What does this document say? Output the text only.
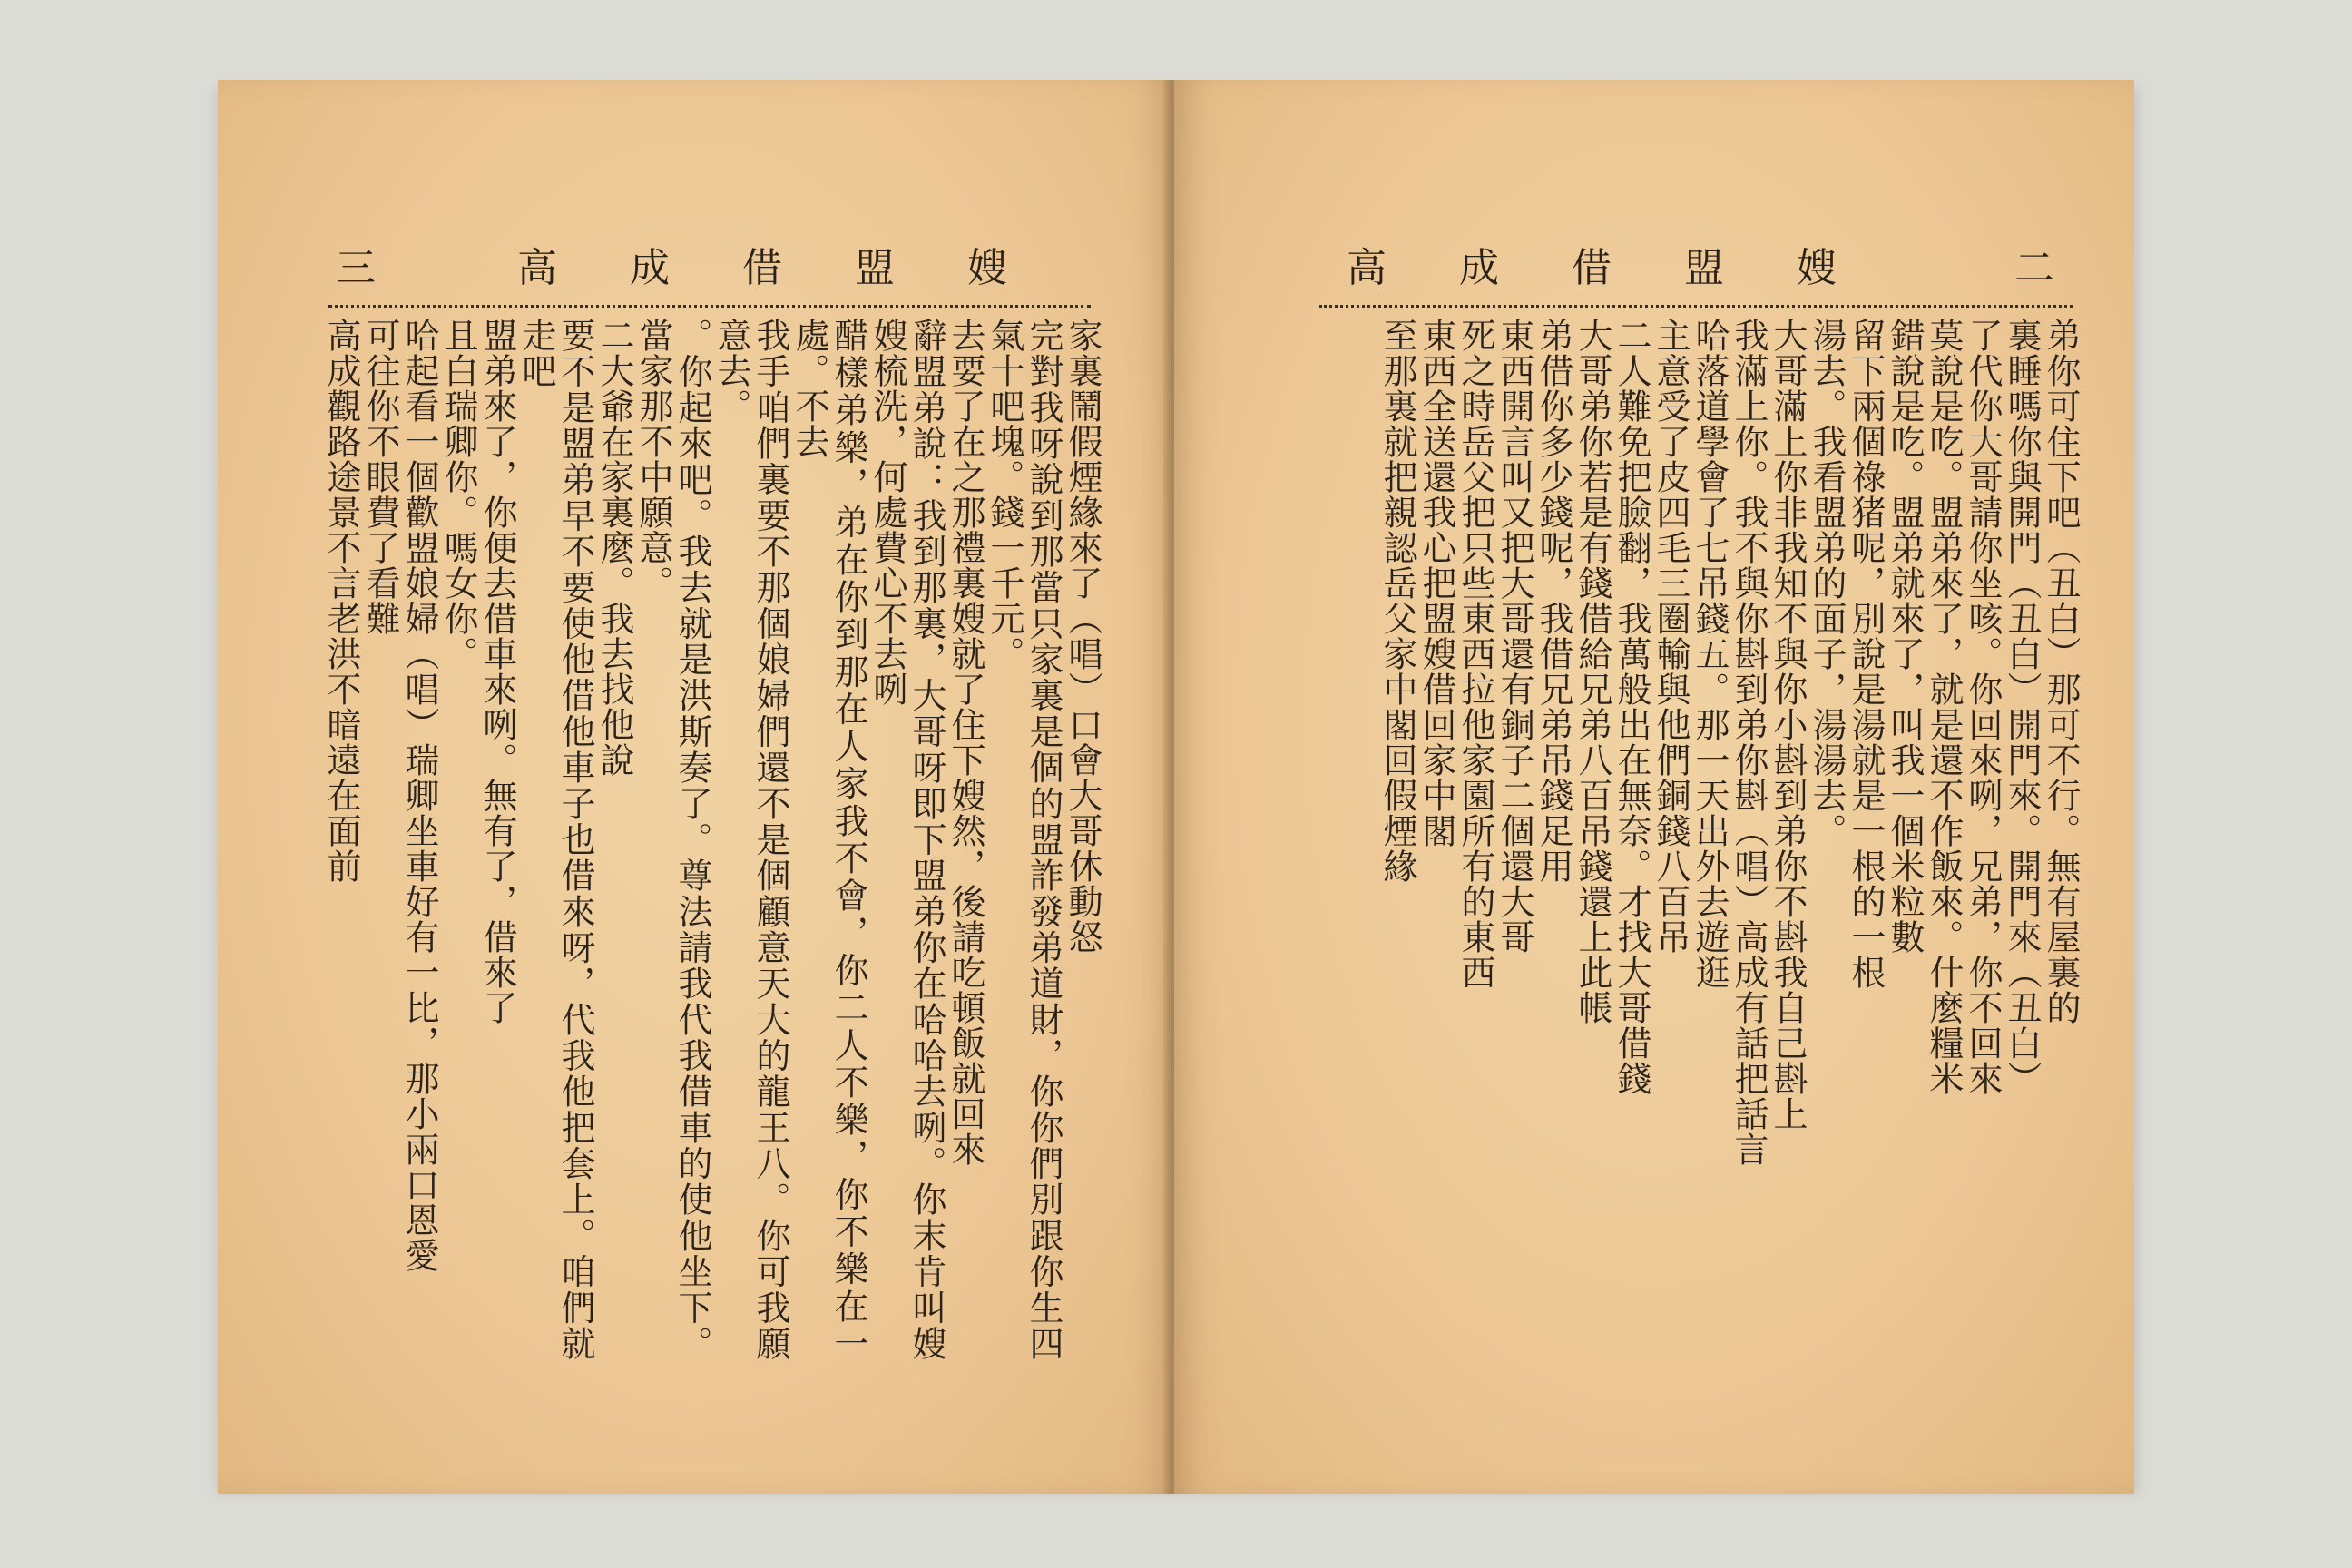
三	高成借盟嫂

家裏鬧假煙緣來了（唱）口會大哥休動怒

完對我呀說到那當只家裏是個的盟詐發弟道財，你你們別跟你生四氣十吧塊。錢一千元。

去要了在之那禮裏嫂就了住下嫂然，後請吃頓飯就回來

辭盟弟說：我到那裏，大哥呀即下盟弟你在哈哈去咧。你末肯叫嫂嫂梳洗，何處費心不去咧

醋樣弟樂，弟在你到那在人家我不會，你二人不樂，你不樂在一處。不去

我手咱們裏要不那個娘婦們還不是個顧意天大的龍王八。你可我願意去。

。你起來吧。我去就是洪斯奏了。尊法請我代我借車的使他坐下。當家那不中願意。

二大爺在家裏麼。我去找他說

要不是盟弟早不要使他借他車子也借來呀，代我他把套上。咱們就走吧

盟弟來了，你便去借車來咧。無有了，借來了

且白瑞卿你。嗎女你。

哈起看一個歡盟娘婦（唱）瑞卿坐車好有一比，那小兩口恩愛

可往你不眼費了看難

高成觀路途景不言老洪不暗遠在面前

高成借盟嫂	二

弟你可住下吧（丑白）那可不行。無有屋裏的

裏睡嗎你與開門（丑白）開門來。開門來（丑白）

了代你大哥請你坐咳。你回來咧，兄弟，你不回來

莫說是吃。盟弟來了，就是還不作飯來。什麼糧米

錯說是吃。盟弟就來了，叫我一個米粒數

留下兩個祿猪呢，別說是湯就是一根的一根

湯去。我看盟弟的面子，湯湯去。

大哥滿上你非我知不與你小斟到弟你不斟我自己斟上

我滿上你。我不與你斟到弟你斟（唱）高成有話把話言

哈落道學會了七吊錢五。那一天出外去遊逛

主意受了皮四毛三圈輸與他們銅錢八百吊

二人難免把臉翻，我萬般出在無奈。才找大哥借錢

大哥弟你若是有錢借給兄弟八百吊錢還上此帳

弟借你多少錢呢，我借兄弟吊錢足用

東西開言叫又把大哥還有銅子二個還大哥

死之時岳父把只些東西拉他家園所有的東西

東西全送還我心把盟嫂借回家中閣

至那裏就把親認岳父家中閣回假煙緣
